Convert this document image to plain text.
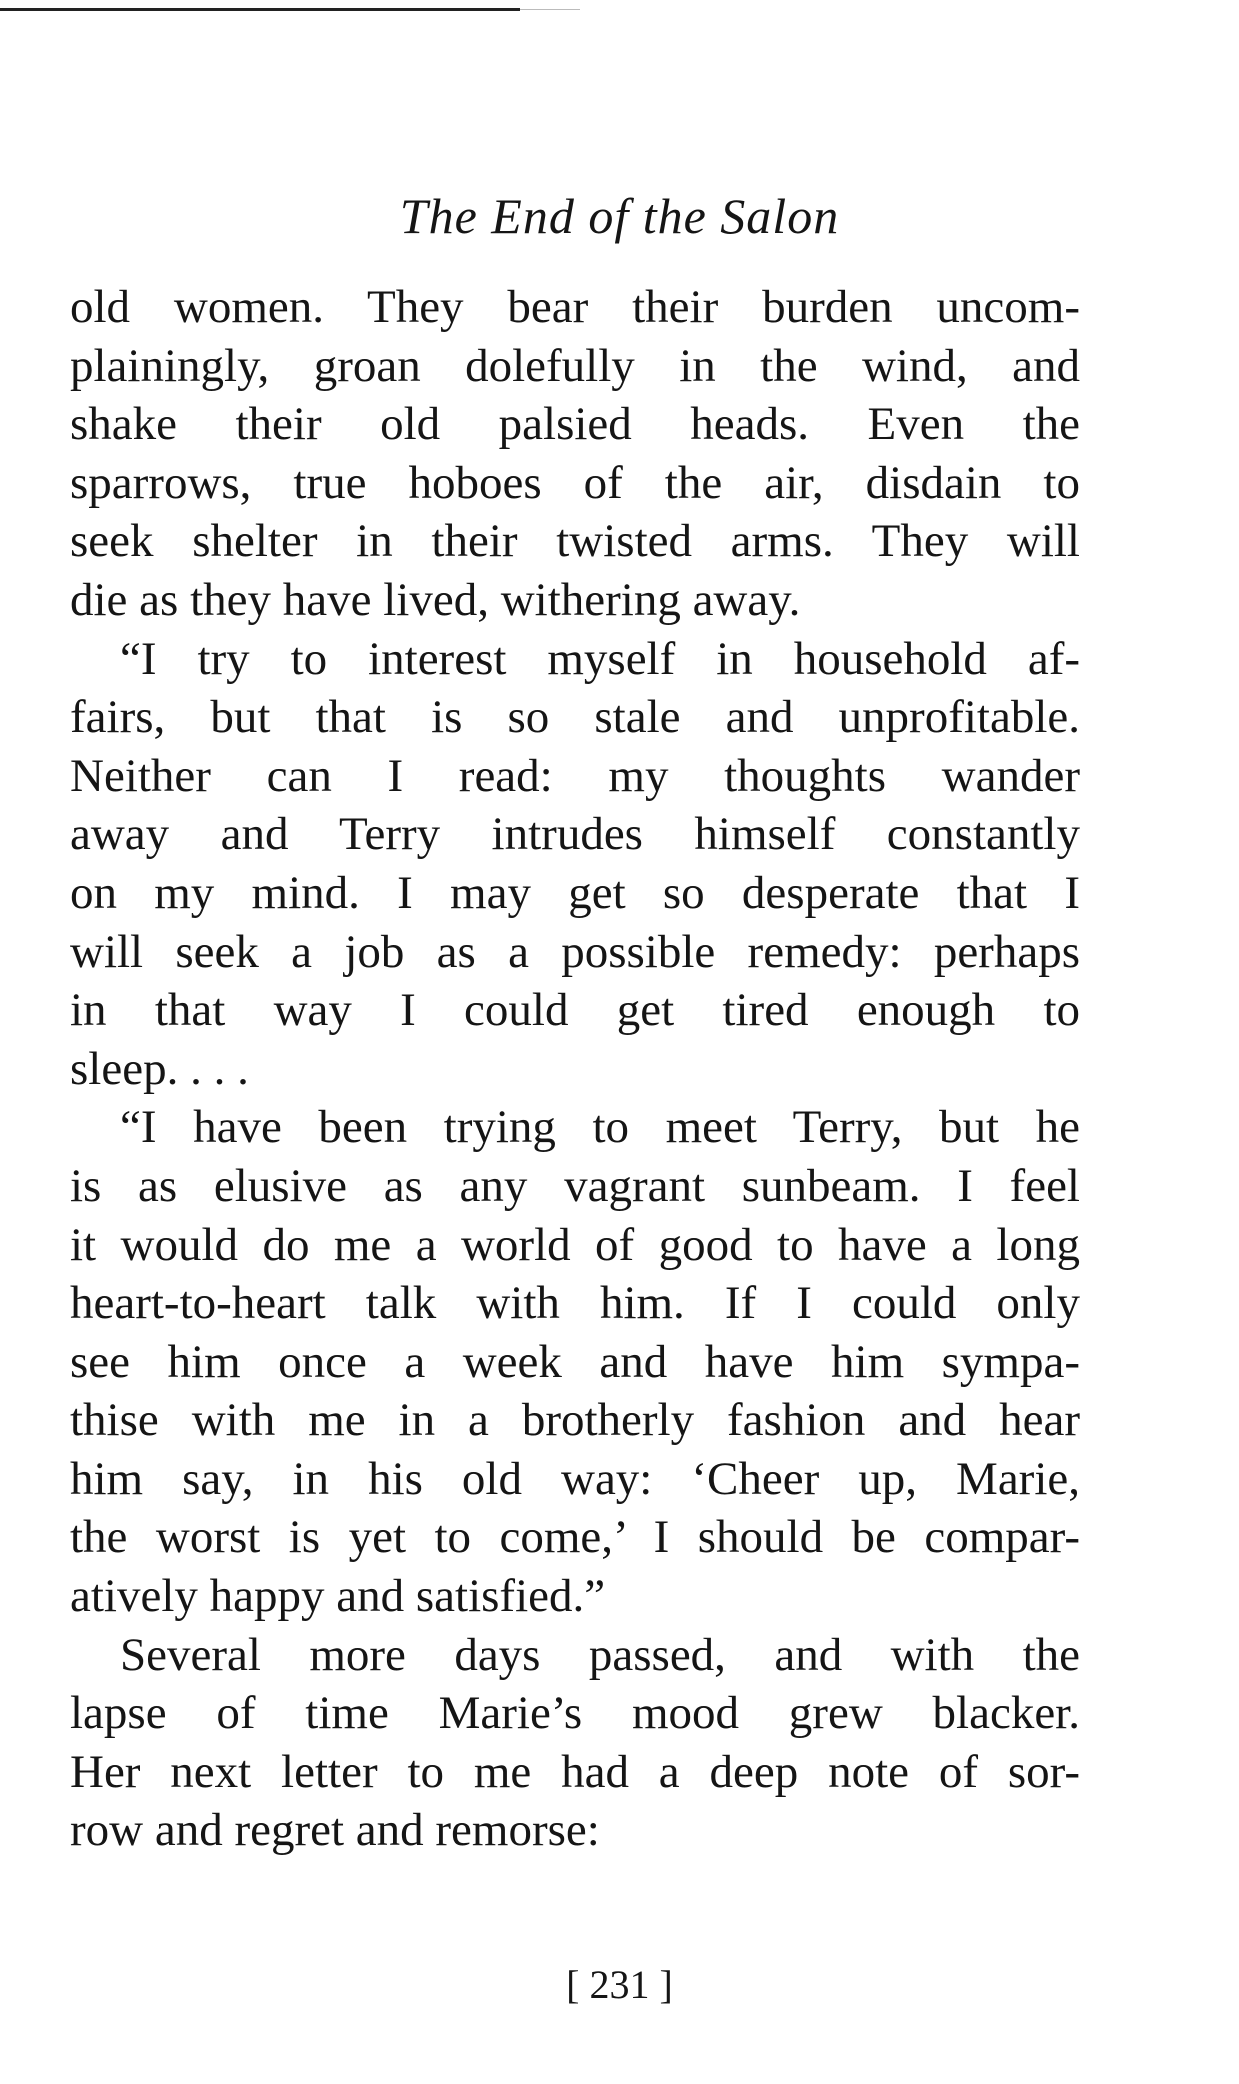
The End of the Salon
old women. They bear their burden uncom-
plainingly, groan dolefully in the wind, and
shake their old palsied heads. Even the
sparrows, true hoboes of the air, disdain to
seek shelter in their twisted arms. They will
die as they have lived, withering away.
“I try to interest myself in household af-
fairs, but that is so stale and unprofitable.
Neither can I read: my thoughts wander
away and Terry intrudes himself constantly
on my mind. I may get so desperate that I
will seek a job as a possible remedy: perhaps
in that way I could get tired enough to
sleep. . . .
“I have been trying to meet Terry, but he
is as elusive as any vagrant sunbeam. I feel
it would do me a world of good to have a long
heart-to-heart talk with him. If I could only
see him once a week and have him sympa-
thise with me in a brotherly fashion and hear
him say, in his old way: ‘Cheer up, Marie,
the worst is yet to come,’ I should be compar-
atively happy and satisfied.”
Several more days passed, and with the
lapse of time Marie’s mood grew blacker.
Her next letter to me had a deep note of sor-
row and regret and remorse:
[ 231 ]
